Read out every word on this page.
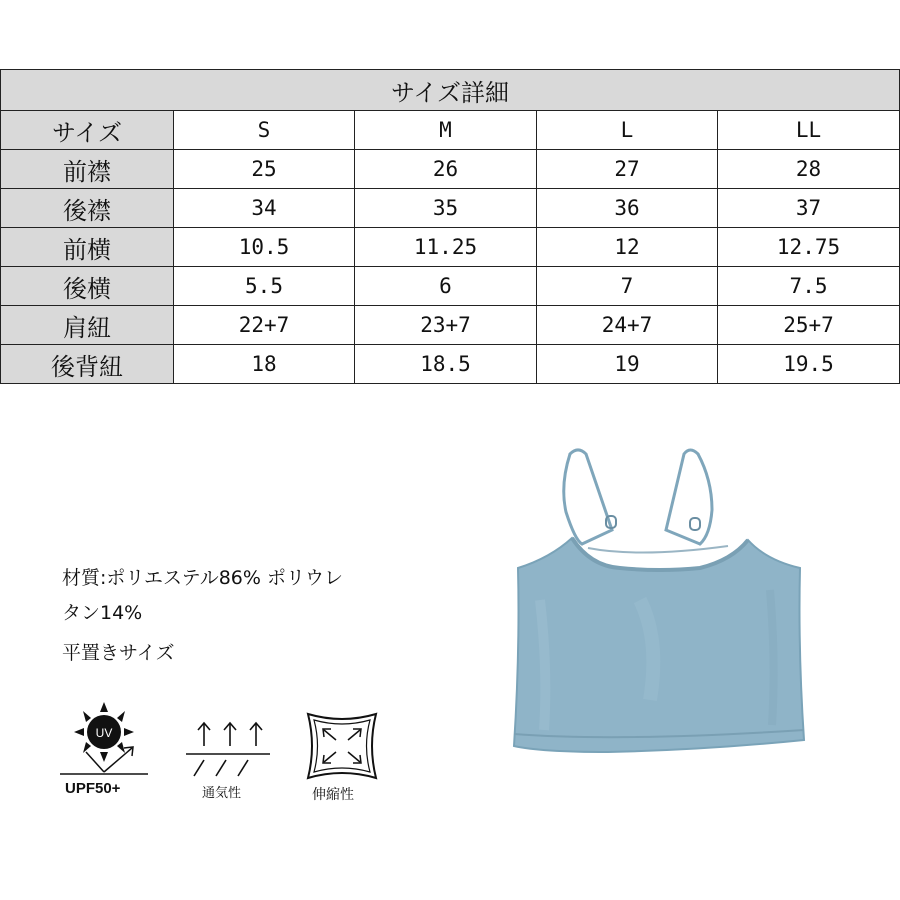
サイズ詳細				
サイズ	S	M	L	LL
前襟	25	26	27	28
後襟	34	35	36	37
前横	10.5	11.25	12	12.75
後横	5.5	6	7	7.5
肩紐	22+7	23+7	24+7	25+7
後背紐	18	18.5	19	19.5
材質:ポリエステル86% ポリウレ
タン14%
平置きサイズ
UV
UPF50+	通気性	伸縮性
